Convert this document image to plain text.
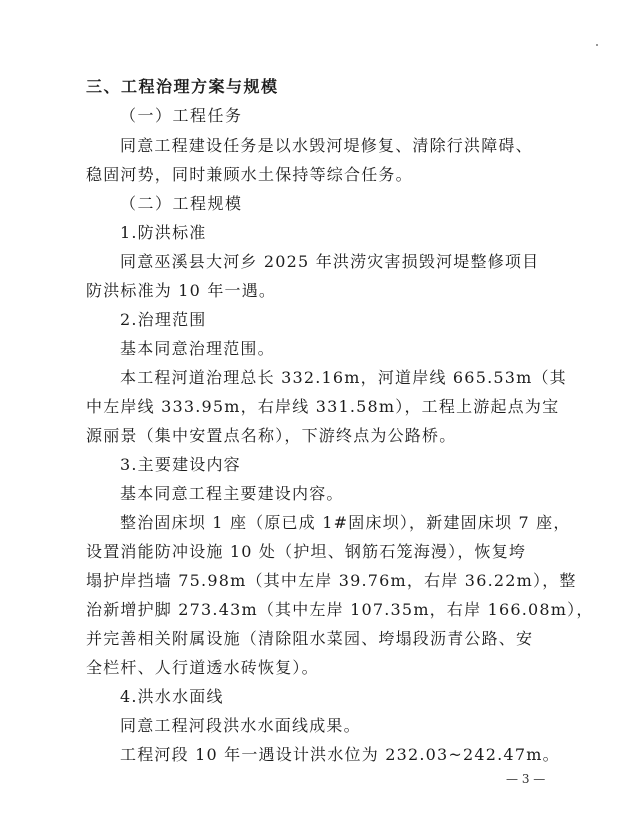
三、工程治理方案与规模
（一）工程任务
同意工程建设任务是以水毁河堤修复、清除行洪障碍、
稳固河势，同时兼顾水土保持等综合任务。
（二）工程规模
1.防洪标准
同意巫溪县大河乡 2025 年洪涝灾害损毁河堤整修项目
防洪标准为 10 年一遇。
2.治理范围
基本同意治理范围。
本工程河道治理总长 332.16m，河道岸线 665.53m（其
中左岸线 333.95m，右岸线 331.58m），工程上游起点为宝
源丽景（集中安置点名称），下游终点为公路桥。
3.主要建设内容
基本同意工程主要建设内容。
整治固床坝 1 座（原已成 1#固床坝），新建固床坝 7 座，
设置消能防冲设施 10 处（护坦、钢筋石笼海漫），恢复垮
塌护岸挡墙 75.98m（其中左岸 39.76m，右岸 36.22m），整
治新增护脚 273.43m（其中左岸 107.35m，右岸 166.08m），
并完善相关附属设施（清除阻水菜园、垮塌段沥青公路、安
全栏杆、人行道透水砖恢复）。
4.洪水水面线
同意工程河段洪水水面线成果。
工程河段 10 年一遇设计洪水位为 232.03~242.47m。
— 3 —
